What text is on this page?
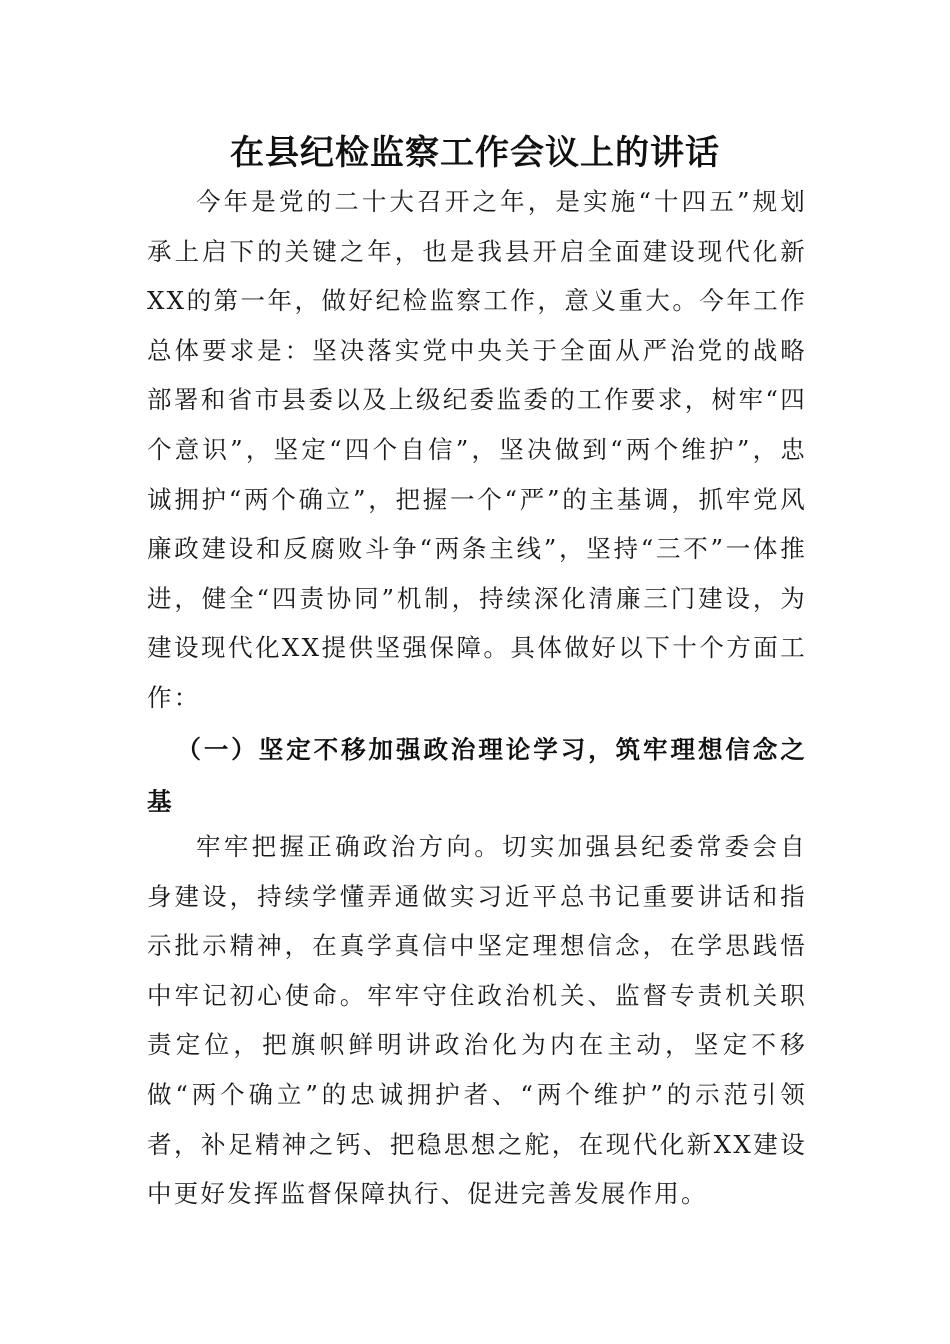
在县纪检监察工作会议上的讲话

今年是党的二十大召开之年，是实施“十四五”规划承上启下的关键之年，也是我县开启全面建设现代化新XX的第一年，做好纪检监察工作，意义重大。今年工作总体要求是：坚决落实党中央关于全面从严治党的战略部署和省市县委以及上级纪委监委的工作要求，树牢“四个意识”，坚定“四个自信”，坚决做到“两个维护”，忠诚拥护“两个确立”，把握一个“严”的主基调，抓牢党风廉政建设和反腐败斗争“两条主线”，坚持“三不”一体推进，健全“四责协同”机制，持续深化清廉三门建设，为建设现代化XX提供坚强保障。具体做好以下十个方面工作：

（一）坚定不移加强政治理论学习，筑牢理想信念之基

牢牢把握正确政治方向。切实加强县纪委常委会自身建设，持续学懂弄通做实习近平总书记重要讲话和指示批示精神，在真学真信中坚定理想信念，在学思践悟中牢记初心使命。牢牢守住政治机关、监督专责机关职责定位，把旗帜鲜明讲政治化为内在主动，坚定不移做“两个确立”的忠诚拥护者、“两个维护”的示范引领者，补足精神之钙、把稳思想之舵，在现代化新XX建设中更好发挥监督保障执行、促进完善发展作用。
